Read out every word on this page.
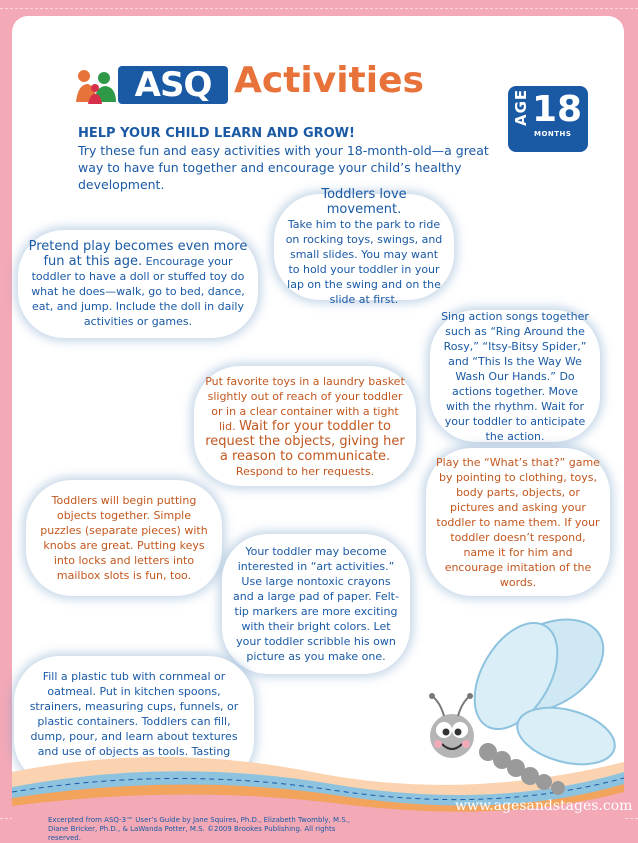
ASQ Activities
AGE 18
MONTHS
HELP YOUR CHILD LEARN AND GROW!
Try these fun and easy activities with your 18-month-old—a great way to have fun together and encourage your child’s healthy development.

Toddlers love movement.
Take him to the park to ride on rocking toys, swings, and small slides. You may want to hold your toddler in your lap on the swing and on the slide at first.

Pretend play becomes even more fun at this age. Encourage your toddler to have a doll or stuffed toy do what he does—walk, go to bed, dance, eat, and jump. Include the doll in daily activities or games.	Sing action songs together such as “Ring Around the Rosy,” “Itsy-Bitsy Spider,” and “This Is the Way We Wash Our Hands.” Do actions together. Move with the rhythm. Wait for your toddler to anticipate the action.

Put favorite toys in a laundry basket slightly out of reach of your toddler or in a clear container with a tight lid. Wait for your toddler to request the objects, giving her a reason to communicate.
Respond to her requests.

Toddlers will begin putting objects together. Simple puzzles (separate pieces) with knobs are great. Putting keys into locks and letters into mailbox slots is fun, too.

Play the “What’s that?” game by pointing to clothing, toys, body parts, objects, or pictures and asking your toddler to name them. If your toddler doesn’t respond, name it for him and encourage imitation of the words.

Your toddler may become interested in “art activities.” Use large nontoxic crayons and a large pad of paper. Felt-tip markers are more exciting with their bright colors. Let your toddler scribble his own picture as you make one.

Fill a plastic tub with cornmeal or oatmeal. Put in kitchen spoons, strainers, measuring cups, funnels, or plastic containers. Toddlers can fill, dump, pour, and learn about textures and use of objects as tools. Tasting

Excerpted from ASQ-3™ User’s Guide by Jane Squires, Ph.D., Elizabeth Twombly, M.S., Diane Bricker, Ph.D., & LaWanda Potter, M.S. ©2009 Brookes Publishing. All rights reserved.
www.agesandstages.com
